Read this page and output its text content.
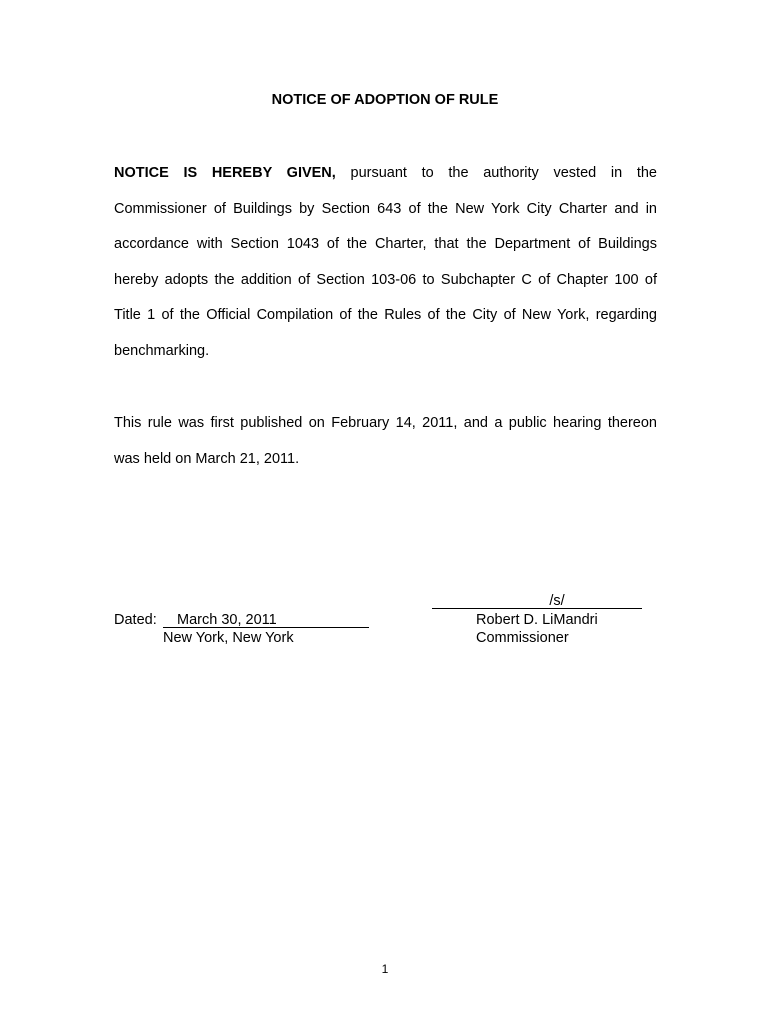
NOTICE OF ADOPTION OF RULE
NOTICE IS HEREBY GIVEN, pursuant to the authority vested in the
Commissioner of Buildings by Section 643 of the New York City Charter and in
accordance with Section 1043 of the Charter, that the Department of Buildings
hereby adopts the addition of Section 103-06 to Subchapter C of Chapter 100 of
Title 1 of the Official Compilation of the Rules of the City of New York, regarding
benchmarking.
This rule was first published on February 14, 2011, and a public hearing thereon
was held on March 21, 2011.
Dated:	March 30, 2011
New York, New York
/s/
Robert D. LiMandri
Commissioner
1
